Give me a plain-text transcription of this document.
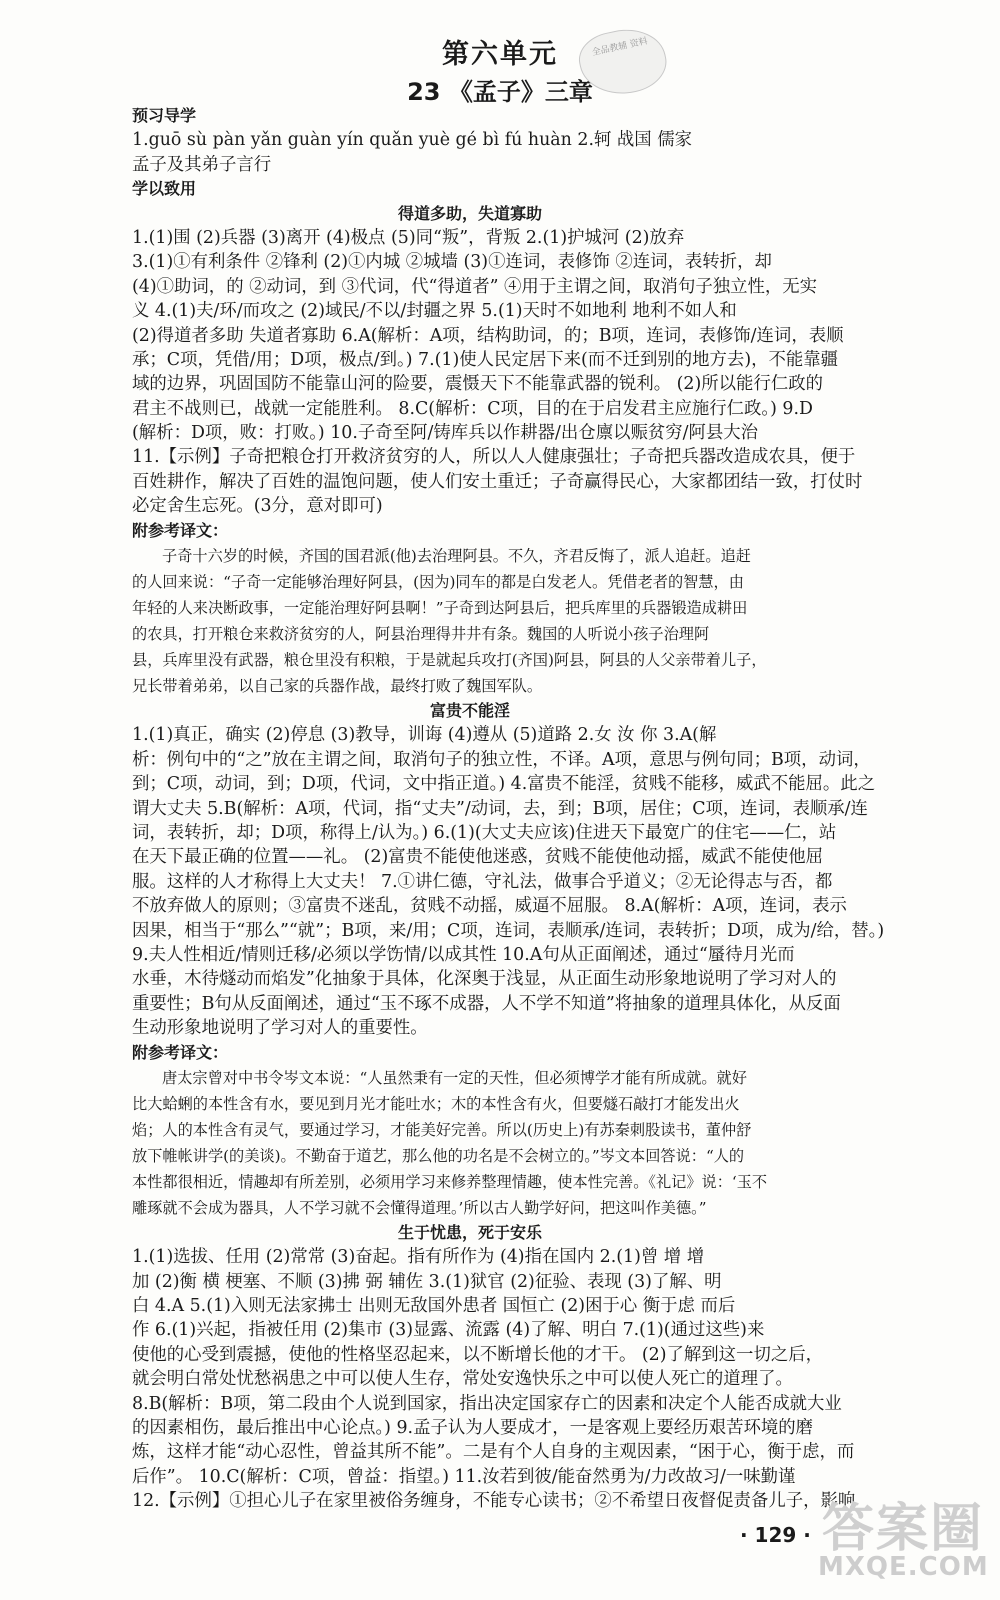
第六单元
23 《孟子》三章
全品教辅 资料
预习导学
1.guō sù pàn yǎn guàn yín quǎn yuè gé bì fú huàn 2.轲 战国 儒家
孟子及其弟子言行
学以致用
得道多助，失道寡助
1.(1)围 (2)兵器 (3)离开 (4)极点 (5)同“叛”，背叛 2.(1)护城河 (2)放弃
3.(1)①有利条件 ②锋利 (2)①内城 ②城墙 (3)①连词，表修饰 ②连词，表转折，却
(4)①助词，的 ②动词，到 ③代词，代“得道者” ④用于主谓之间，取消句子独立性，无实
义 4.(1)夫/环/而攻之 (2)域民/不以/封疆之界 5.(1)天时不如地利 地利不如人和
(2)得道者多助 失道者寡助 6.A(解析：A项，结构助词，的；B项，连词，表修饰/连词，表顺
承；C项，凭借/用；D项，极点/到。) 7.(1)使人民定居下来(而不迁到别的地方去)，不能靠疆
域的边界，巩固国防不能靠山河的险要，震慑天下不能靠武器的锐利。 (2)所以能行仁政的
君主不战则已，战就一定能胜利。 8.C(解析：C项，目的在于启发君主应施行仁政。) 9.D
(解析：D项，败：打败。) 10.子奇至阿/铸库兵以作耕器/出仓廪以赈贫穷/阿县大治
11.【示例】子奇把粮仓打开救济贫穷的人，所以人人健康强壮；子奇把兵器改造成农具，便于
百姓耕作，解决了百姓的温饱问题，使人们安土重迁；子奇赢得民心，大家都团结一致，打仗时
必定舍生忘死。(3分，意对即可)
附参考译文：
子奇十六岁的时候，齐国的国君派(他)去治理阿县。不久，齐君反悔了，派人追赶。追赶
的人回来说：“子奇一定能够治理好阿县，(因为)同车的都是白发老人。凭借老者的智慧，由
年轻的人来决断政事，一定能治理好阿县啊！”子奇到达阿县后，把兵库里的兵器锻造成耕田
的农具，打开粮仓来救济贫穷的人，阿县治理得井井有条。魏国的人听说小孩子治理阿
县，兵库里没有武器，粮仓里没有积粮，于是就起兵攻打(齐国)阿县，阿县的人父亲带着儿子，
兄长带着弟弟，以自己家的兵器作战，最终打败了魏国军队。
富贵不能淫
1.(1)真正，确实 (2)停息 (3)教导，训诲 (4)遵从 (5)道路 2.女 汝 你 3.A(解
析：例句中的“之”放在主谓之间，取消句子的独立性，不译。A项，意思与例句同；B项，动词，
到；C项，动词，到；D项，代词，文中指正道。) 4.富贵不能淫，贫贱不能移，威武不能屈。此之
谓大丈夫 5.B(解析：A项，代词，指“丈夫”/动词，去，到；B项，居住；C项，连词，表顺承/连
词，表转折，却；D项，称得上/认为。) 6.(1)(大丈夫应该)住进天下最宽广的住宅——仁，站
在天下最正确的位置——礼。 (2)富贵不能使他迷惑，贫贱不能使他动摇，威武不能使他屈
服。这样的人才称得上大丈夫！ 7.①讲仁德，守礼法，做事合乎道义；②无论得志与否，都
不放弃做人的原则；③富贵不迷乱，贫贱不动摇，威逼不屈服。 8.A(解析：A项，连词，表示
因果，相当于“那么”“就”；B项，来/用；C项，连词，表顺承/连词，表转折；D项，成为/给，替。)
9.夫人性相近/情则迁移/必须以学饬情/以成其性 10.A句从正面阐述，通过“蜃待月光而
水垂，木待燧动而焰发”化抽象于具体，化深奥于浅显，从正面生动形象地说明了学习对人的
重要性；B句从反面阐述，通过“玉不琢不成器，人不学不知道”将抽象的道理具体化，从反面
生动形象地说明了学习对人的重要性。
附参考译文：
唐太宗曾对中书令岑文本说：“人虽然秉有一定的天性，但必须博学才能有所成就。就好
比大蛤蜊的本性含有水，要见到月光才能吐水；木的本性含有火，但要燧石敲打才能发出火
焰；人的本性含有灵气，要通过学习，才能美好完善。所以(历史上)有苏秦刺股读书，董仲舒
放下帷帐讲学(的美谈)。不勤奋于道艺，那么他的功名是不会树立的。”岑文本回答说：“人的
本性都很相近，情趣却有所差别，必须用学习来修养整理情趣，使本性完善。《礼记》说：‘玉不
雕琢就不会成为器具，人不学习就不会懂得道理。’所以古人勤学好问，把这叫作美德。”
生于忧患，死于安乐
1.(1)选拔、任用 (2)常常 (3)奋起。指有所作为 (4)指在国内 2.(1)曾 增 增
加 (2)衡 横 梗塞、不顺 (3)拂 弼 辅佐 3.(1)狱官 (2)征验、表现 (3)了解、明
白 4.A 5.(1)入则无法家拂士 出则无敌国外患者 国恒亡 (2)困于心 衡于虑 而后
作 6.(1)兴起，指被任用 (2)集市 (3)显露、流露 (4)了解、明白 7.(1)(通过这些)来
使他的心受到震撼，使他的性格坚忍起来，以不断增长他的才干。 (2)了解到这一切之后，
就会明白常处忧愁祸患之中可以使人生存，常处安逸快乐之中可以使人死亡的道理了。
8.B(解析：B项，第二段由个人说到国家，指出决定国家存亡的因素和决定个人能否成就大业
的因素相伤，最后推出中心论点。) 9.孟子认为人要成才，一是客观上要经历艰苦环境的磨
炼，这样才能“动心忍性，曾益其所不能”。二是有个人自身的主观因素，“困于心，衡于虑，而
后作”。 10.C(解析：C项，曾益：指望。) 11.汝若到彼/能奋然勇为/力改故习/一味勤谨
12.【示例】①担心儿子在家里被俗务缠身，不能专心读书；②不希望日夜督促责备儿子，影响
· 129 · 答案圈
MXQE.COM
